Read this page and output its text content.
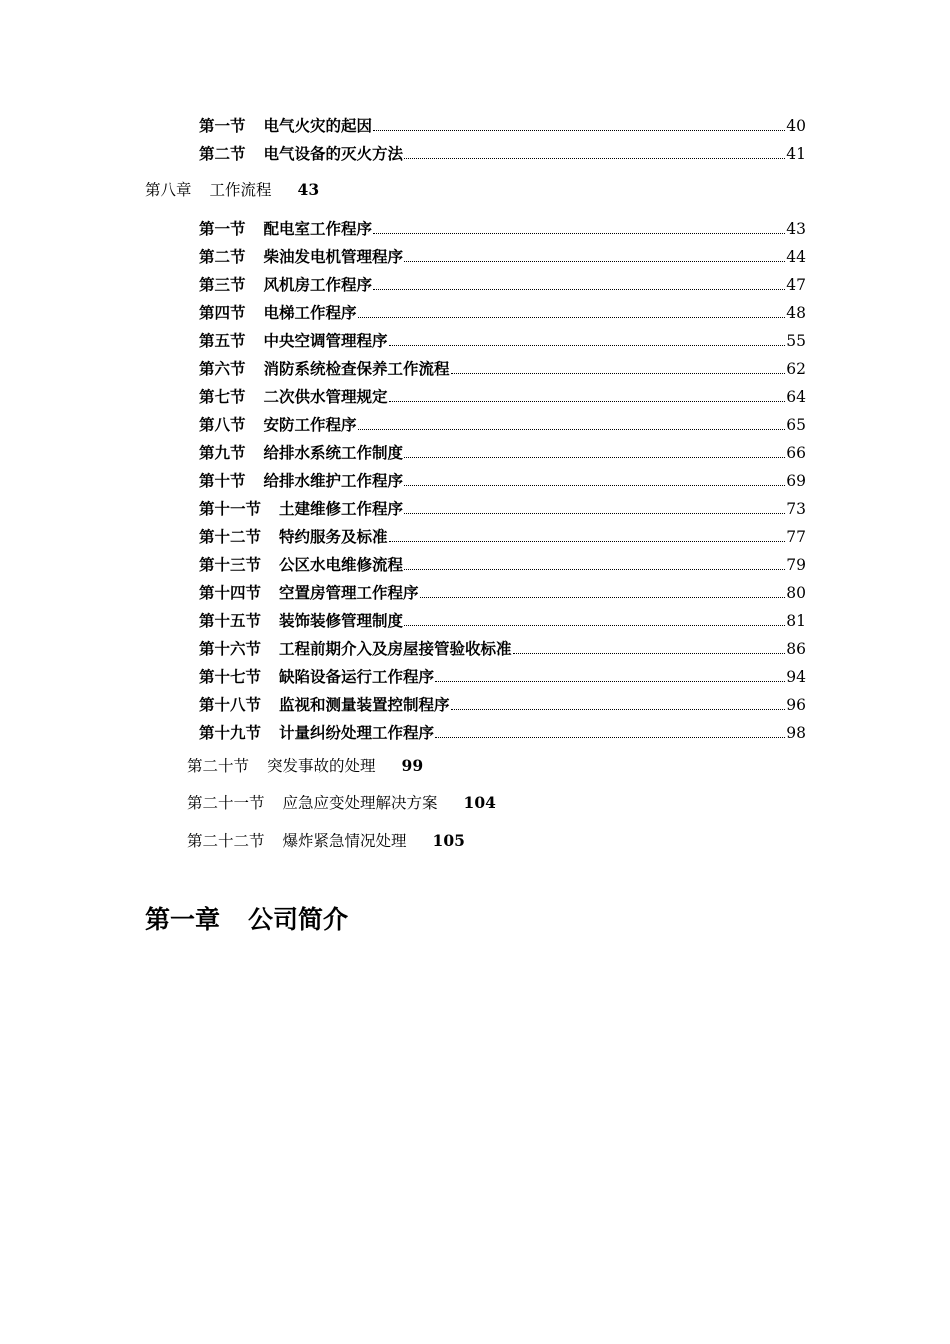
第一节 电气火灾的起因	40
第二节 电气设备的灭火方法	41
第八章 工作流程 43
第一节 配电室工作程序	43
第二节 柴油发电机管理程序	44
第三节 风机房工作程序	47
第四节 电梯工作程序	48
第五节 中央空调管理程序	55
第六节 消防系统检查保养工作流程	62
第七节 二次供水管理规定	64
第八节 安防工作程序	65
第九节 给排水系统工作制度	66
第十节 给排水维护工作程序	69
第十一节 土建维修工作程序	73
第十二节 特约服务及标准	77
第十三节 公区水电维修流程	79
第十四节 空置房管理工作程序	80
第十五节 装饰装修管理制度	81
第十六节 工程前期介入及房屋接管验收标准	86
第十七节 缺陷设备运行工作程序	94
第十八节 监视和测量装置控制程序	96
第十九节 计量纠纷处理工作程序	98
第二十节 突发事故的处理 99
第二十一节 应急应变处理解决方案 104
第二十二节 爆炸紧急情况处理 105
第一章 公司简介
